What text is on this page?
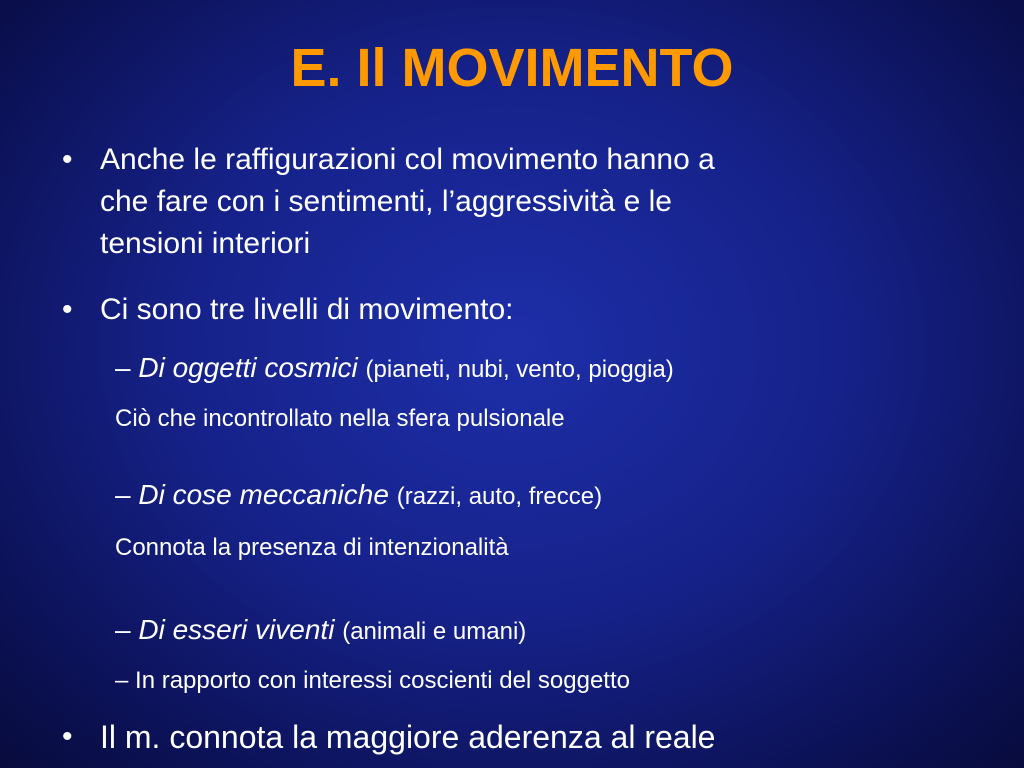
E. Il MOVIMENTO
• Anche le raffigurazioni col movimento hanno a
che fare con i sentimenti, l’aggressività e le
tensioni interiori
• Ci sono tre livelli di movimento:
– Di oggetti cosmici (pianeti, nubi, vento, pioggia)
Ciò che incontrollato nella sfera pulsionale
– Di cose meccaniche (razzi, auto, frecce)
Connota la presenza di intenzionalità
– Di esseri viventi (animali e umani)
– In rapporto con interessi coscienti del soggetto
• Il m. connota la maggiore aderenza al reale
